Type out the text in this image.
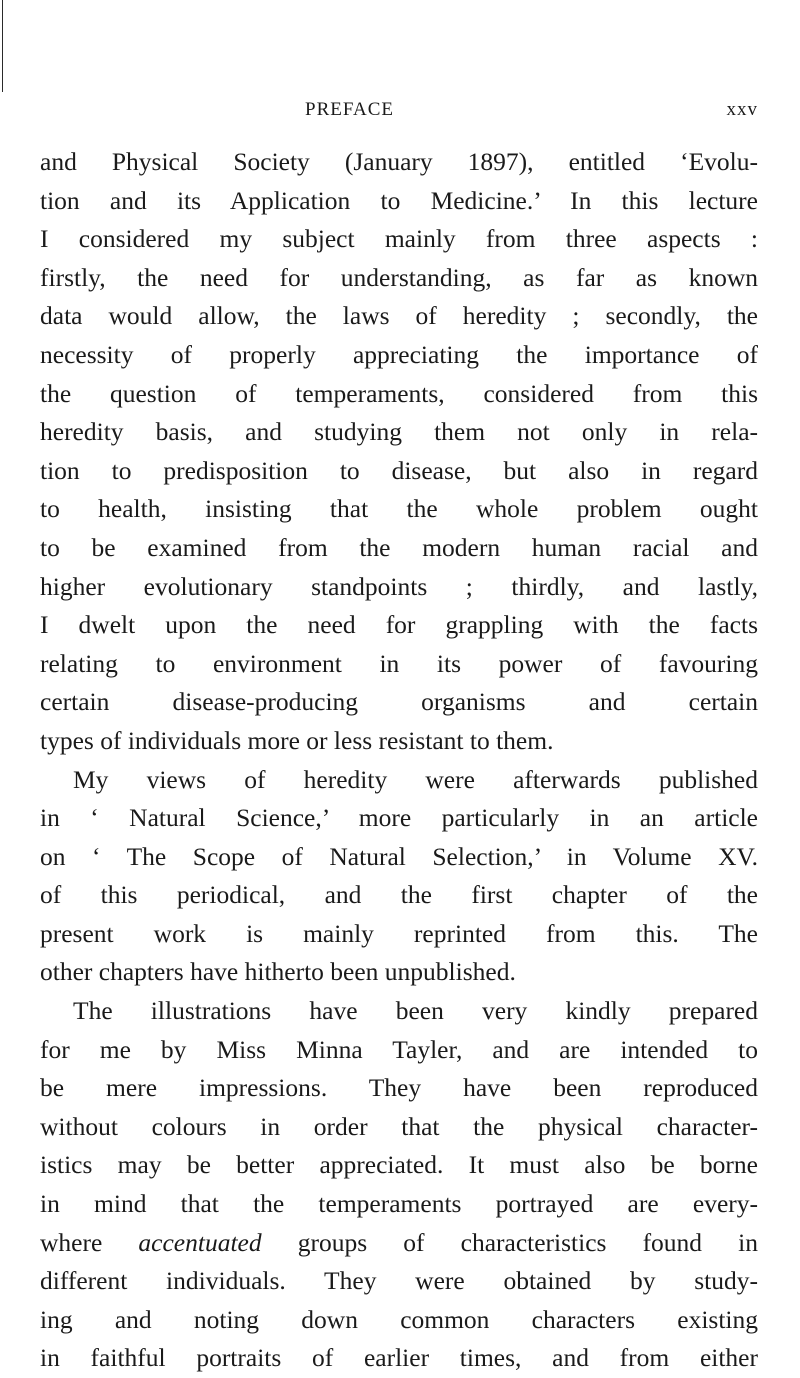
PREFACE	xxv
and Physical Society (January 1897), entitled ‘Evolu-
tion and its Application to Medicine.’ In this lecture
I considered my subject mainly from three aspects :
firstly, the need for understanding, as far as known
data would allow, the laws of heredity ; secondly, the
necessity of properly appreciating the importance of
the question of temperaments, considered from this
heredity basis, and studying them not only in rela-
tion to predisposition to disease, but also in regard
to health, insisting that the whole problem ought
to be examined from the modern human racial and
higher evolutionary standpoints ; thirdly, and lastly,
I dwelt upon the need for grappling with the facts
relating to environment in its power of favouring
certain disease-producing organisms and certain
types of individuals more or less resistant to them.
My views of heredity were afterwards published
in ‘ Natural Science,’ more particularly in an article
on ‘ The Scope of Natural Selection,’ in Volume XV.
of this periodical, and the first chapter of the
present work is mainly reprinted from this. The
other chapters have hitherto been unpublished.
The illustrations have been very kindly prepared
for me by Miss Minna Tayler, and are intended to
be mere impressions. They have been reproduced
without colours in order that the physical character-
istics may be better appreciated. It must also be borne
in mind that the temperaments portrayed are every-
where accentuated groups of characteristics found in
different individuals. They were obtained by study-
ing and noting down common characters existing
in faithful portraits of earlier times, and from either
